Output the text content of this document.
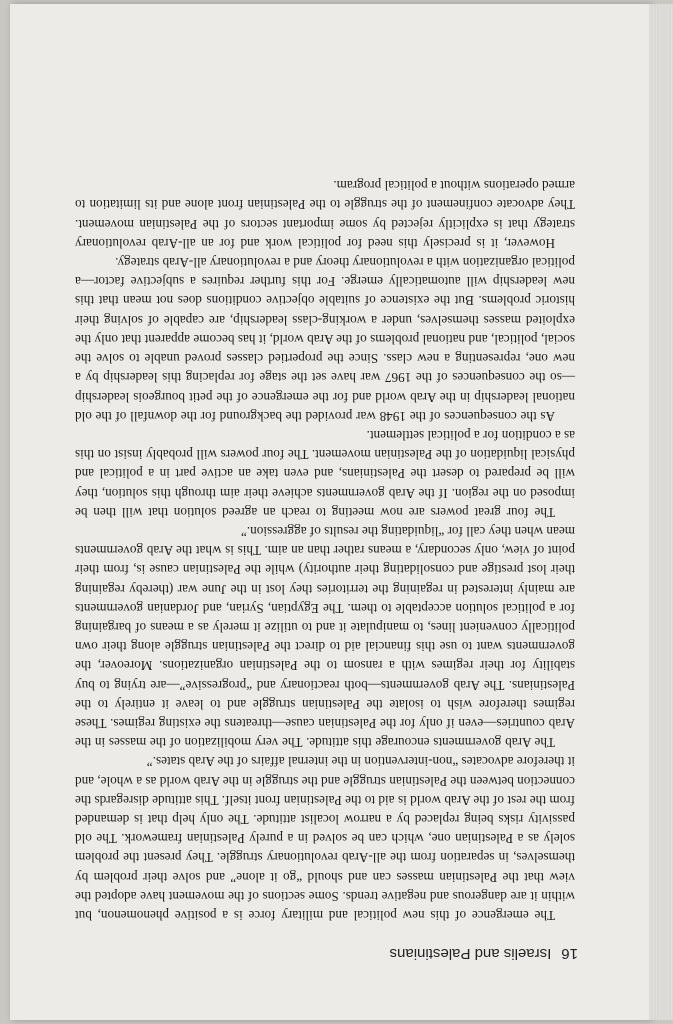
16Israelis and Palestinians

The emergence of this new political and military force is a positive phenomenon, but within it are dangerous and negative trends. Some sections of the movement have adopted the view that the Palestinian masses can and should “go it alone” and solve their problem by themselves, in separation from the all-Arab revolutionary struggle. They present the problem solely as a Palestinian one, which can be solved in a purely Palestinian framework. The old passivity risks being replaced by a narrow localist attitude. The only help that is demanded from the rest of the Arab world is aid to the Palestinian front itself. This attitude disregards the connection between the Palestinian struggle and the struggle in the Arab world as a whole, and it therefore advocates “non-intervention in the internal affairs of the Arab states.”

The Arab governments encourage this attitude. The very mobilization of the masses in the Arab countries—even if only for the Palestinian cause—threatens the existing regimes. These regimes therefore wish to isolate the Palestinian struggle and to leave it entirely to the Palestinians. The Arab governments—both reactionary and “progressive”—are trying to buy stability for their regimes with a ransom to the Palestinian organizations. Moreover, the governments want to use this financial aid to direct the Palestinian struggle along their own politically convenient lines, to manipulate it and to utilize it merely as a means of bargaining for a political solution acceptable to them. The Egyptian, Syrian, and Jordanian governments are mainly interested in regaining the territories they lost in the June war (thereby regaining their lost prestige and consolidating their authority) while the Palestinian cause is, from their point of view, only secondary, a means rather than an aim. This is what the Arab governments mean when they call for “liquidating the results of aggression.”

The four great powers are now meeting to reach an agreed solution that will then be imposed on the region. If the Arab governments achieve their aim through this solution, they will be prepared to desert the Palestinians, and even take an active part in a political and physical liquidation of the Palestinian movement. The four powers will probably insist on this as a condition for a political settlement.

As the consequences of the 1948 war provided the background for the downfall of the old national leadership in the Arab world and for the emergence of the petit bourgeois leadership—so the consequences of the 1967 war have set the stage for replacing this leadership by a new one, representing a new class. Since the propertied classes proved unable to solve the social, political, and national problems of the Arab world, it has become apparent that only the exploited masses themselves, under a working-class leadership, are capable of solving their historic problems. But the existence of suitable objective conditions does not mean that this new leadership will automatically emerge. For this further requires a subjective factor—a political organization with a revolutionary theory and a revolutionary all-Arab strategy.

However, it is precisely this need for political work and for an all-Arab revolutionary strategy that is explicitly rejected by some important sectors of the Palestinian movement. They advocate confinement of the struggle to the Palestinian front alone and its limitation to armed operations without a political program.
